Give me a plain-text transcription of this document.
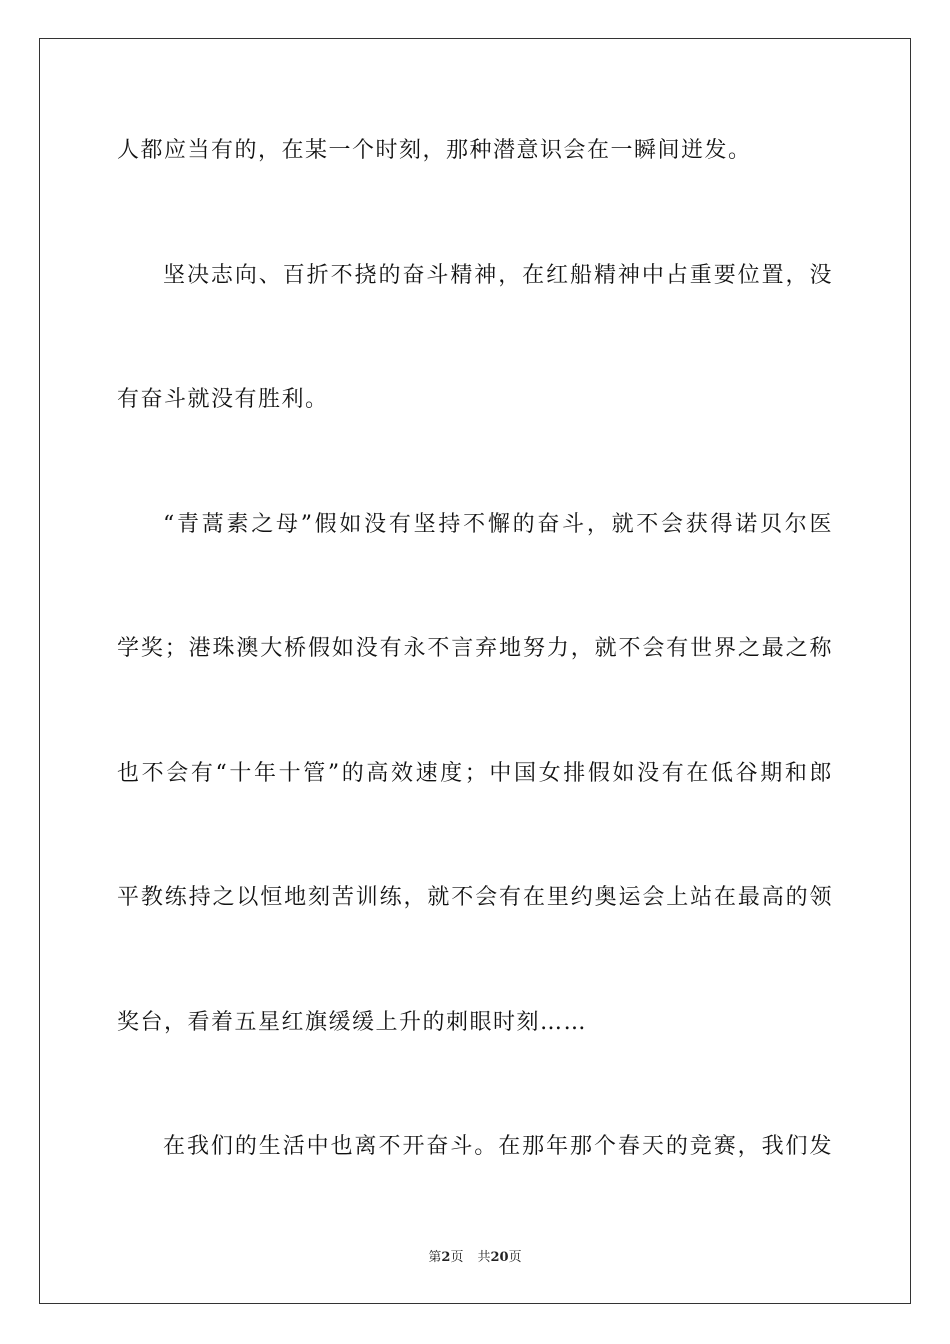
人都应当有的，在某一个时刻，那种潜意识会在一瞬间迸发。
坚决志向、百折不挠的奋斗精神，在红船精神中占重要位置，没
有奋斗就没有胜利。
“青蒿素之母”假如没有坚持不懈的奋斗，就不会获得诺贝尔医
学奖；港珠澳大桥假如没有永不言弃地努力，就不会有世界之最之称
也不会有“十年十管”的高效速度；中国女排假如没有在低谷期和郎
平教练持之以恒地刻苦训练，就不会有在里约奥运会上站在最高的领
奖台，看着五星红旗缓缓上升的刺眼时刻……
在我们的生活中也离不开奋斗。在那年那个春天的竞赛，我们发
第2页 共20页
